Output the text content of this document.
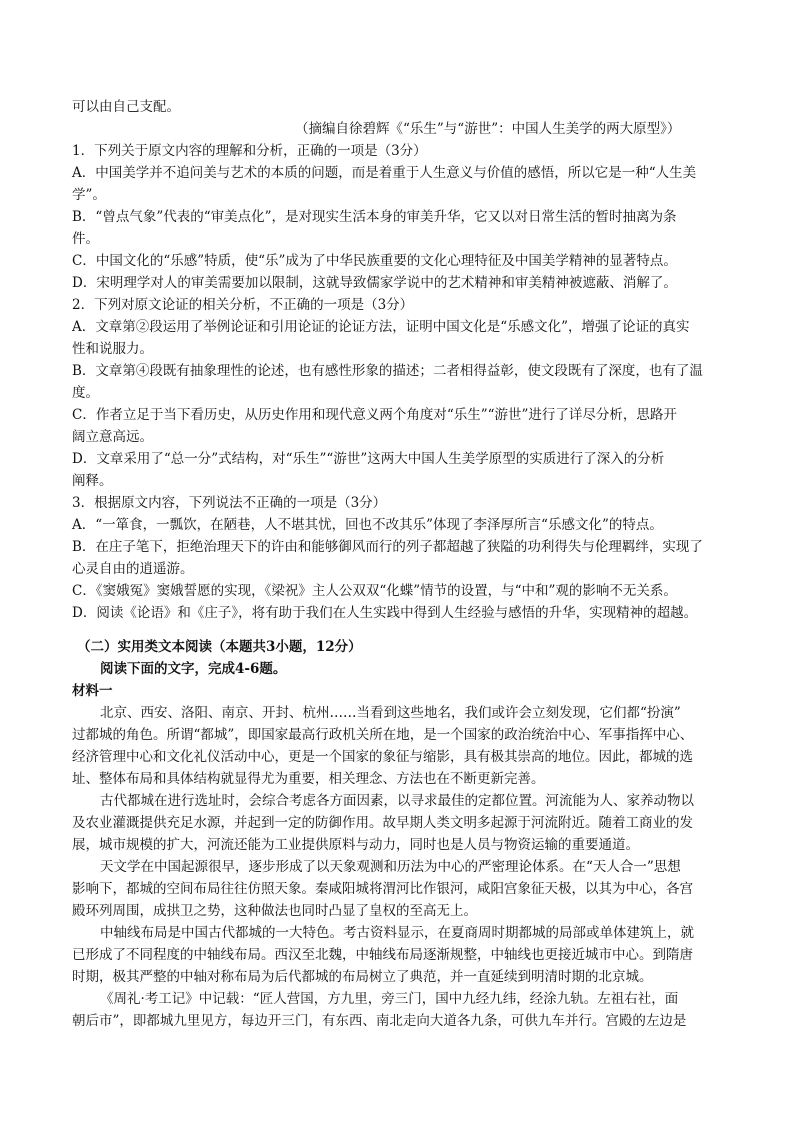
可以由自己支配。
（摘编自徐碧辉《“乐生”与“游世”：中国人生美学的两大原型》）
1．下列关于原文内容的理解和分析，正确的一项是（3分）
A．中国美学并不追问美与艺术的本质的问题，而是着重于人生意义与价值的感悟，所以它是一种“人生美
学”。
B．“曾点气象”代表的“审美点化”，是对现实生活本身的审美升华，它又以对日常生活的暂时抽离为条
件。
C．中国文化的“乐感”特质，使“乐”成为了中华民族重要的文化心理特征及中国美学精神的显著特点。
D．宋明理学对人的审美需要加以限制，这就导致儒家学说中的艺术精神和审美精神被遮蔽、消解了。
2．下列对原文论证的相关分析，不正确的一项是（3分）
A．文章第②段运用了举例论证和引用论证的论证方法，证明中国文化是“乐感文化”，增强了论证的真实
性和说服力。
B．文章第④段既有抽象理性的论述，也有感性形象的描述；二者相得益彰，使文段既有了深度，也有了温
度。
C．作者立足于当下看历史，从历史作用和现代意义两个角度对“乐生”“游世”进行了详尽分析，思路开
阔立意高远。
D．文章采用了“总一分”式结构，对“乐生”“游世”这两大中国人生美学原型的实质进行了深入的分析
阐释。
3．根据原文内容，下列说法不正确的一项是（3分）
A．“一箪食，一瓢饮，在陋巷，人不堪其忧，回也不改其乐”体现了李泽厚所言“乐感文化”的特点。
B．在庄子笔下，拒绝治理天下的许由和能够御风而行的列子都超越了狭隘的功利得失与伦理羁绊，实现了
心灵自由的逍遥游。
C．《窦娥冤》窦娥誓愿的实现，《梁祝》主人公双双“化蝶”情节的设置，与“中和”观的影响不无关系。
D．阅读《论语》和《庄子》，将有助于我们在人生实践中得到人生经验与感悟的升华，实现精神的超越。
（二）实用类文本阅读（本题共3小题，12分）
阅读下面的文字，完成4-6题。
材料一
北京、西安、洛阳、南京、开封、杭州……当看到这些地名，我们或许会立刻发现，它们都“扮演”
过都城的角色。所谓“都城”，即国家最高行政机关所在地，是一个国家的政治统治中心、军事指挥中心、
经济管理中心和文化礼仪活动中心，更是一个国家的象征与缩影，具有极其崇高的地位。因此，都城的选
址、整体布局和具体结构就显得尤为重要，相关理念、方法也在不断更新完善。
古代都城在进行选址时，会综合考虑各方面因素，以寻求最佳的定都位置。河流能为人、家养动物以
及农业灌溉提供充足水源，并起到一定的防御作用。故早期人类文明多起源于河流附近。随着工商业的发
展，城市规模的扩大，河流还能为工业提供原料与动力，同时也是人员与物资运输的重要通道。
天文学在中国起源很早，逐步形成了以天象观测和历法为中心的严密理论体系。在“天人合一”思想
影响下，都城的空间布局往往仿照天象。秦咸阳城将渭河比作银河，咸阳宫象征天极，以其为中心，各宫
殿环列周围，成拱卫之势，这种做法也同时凸显了皇权的至高无上。
中轴线布局是中国古代都城的一大特色。考古资料显示，在夏商周时期都城的局部或单体建筑上，就
已形成了不同程度的中轴线布局。西汉至北魏，中轴线布局逐渐规整，中轴线也更接近城市中心。到隋唐
时期，极其严整的中轴对称布局为后代都城的布局树立了典范，并一直延续到明清时期的北京城。
《周礼·考工记》中记载：“匠人营国，方九里，旁三门，国中九经九纬，经涂九轨。左祖右社，面
朝后市”，即都城九里见方，每边开三门，有东西、南北走向大道各九条，可供九车并行。宫殿的左边是
